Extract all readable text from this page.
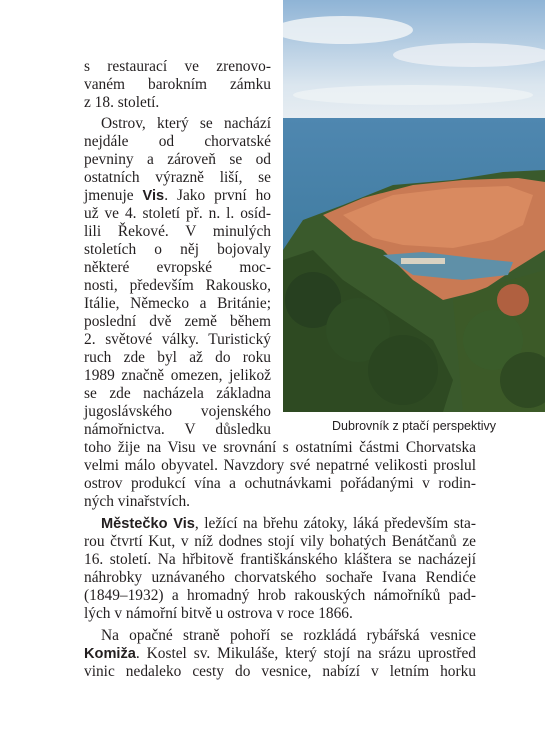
Dubrovník z ptačí perspektivy
s restaurací ve zrenovo-
vaném barokním zámku
z 18. století.
Ostrov, který se nachází
nejdále od chorvatské
pevniny a zároveň se od
ostatních výrazně liší, se
jmenuje Vis. Jako první ho
už ve 4. století př. n. l. osíd-
lili Řekové. V minulých
stoletích o něj bojovaly
některé evropské moc-
nosti, především Rakousko,
Itálie, Německo a Británie;
poslední dvě země během
2. světové války. Turistický
ruch zde byl až do roku
1989 značně omezen, jelikož
se zde nacházela základna
jugoslávského vojenského
námořnictva. V důsledku
toho žije na Visu ve srovnání s ostatními částmi Chorvatska
velmi málo obyvatel. Navzdory své nepatrné velikosti proslul
ostrov produkcí vína a ochutnávkami pořádanými v rodin-
ných vinařstvích.
Městečko Vis, ležící na břehu zátoky, láká především sta-
rou čtvrtí Kut, v níž dodnes stojí vily bohatých Benátčanů ze
16. století. Na hřbitově františkánského kláštera se nacházejí
náhrobky uznávaného chorvatského sochaře Ivana Rendiće
(1849–1932) a hromadný hrob rakouských námořníků pad-
lých v námořní bitvě u ostrova v roce 1866.
Na opačné straně pohoří se rozkládá rybářská vesnice
Komiža. Kostel sv. Mikuláše, který stojí na srázu uprostřed
vinic nedaleko cesty do vesnice, nabízí v letním horku
